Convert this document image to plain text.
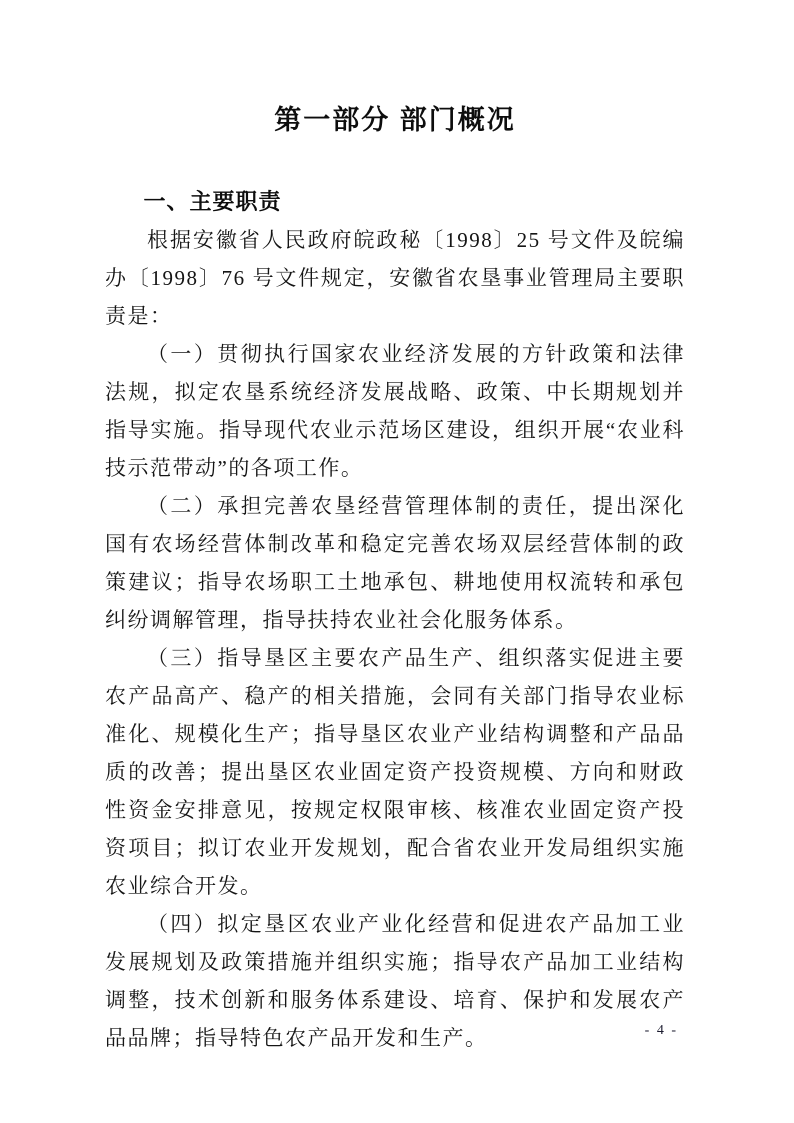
第一部分 部门概况
一、主要职责

根据安徽省人民政府皖政秘〔1998〕25 号文件及皖编办〔1998〕76 号文件规定，安徽省农垦事业管理局主要职责是：

（一）贯彻执行国家农业经济发展的方针政策和法律法规，拟定农垦系统经济发展战略、政策、中长期规划并指导实施。指导现代农业示范场区建设，组织开展“农业科技示范带动”的各项工作。

（二）承担完善农垦经营管理体制的责任，提出深化国有农场经营体制改革和稳定完善农场双层经营体制的政策建议；指导农场职工土地承包、耕地使用权流转和承包纠纷调解管理，指导扶持农业社会化服务体系。

（三）指导垦区主要农产品生产、组织落实促进主要农产品高产、稳产的相关措施，会同有关部门指导农业标准化、规模化生产；指导垦区农业产业结构调整和产品品质的改善；提出垦区农业固定资产投资规模、方向和财政性资金安排意见，按规定权限审核、核准农业固定资产投资项目；拟订农业开发规划，配合省农业开发局组织实施农业综合开发。

（四）拟定垦区农业产业化经营和促进农产品加工业发展规划及政策措施并组织实施；指导农产品加工业结构调整，技术创新和服务体系建设、培育、保护和发展农产品品牌；指导特色农产品开发和生产。	- 4 -
